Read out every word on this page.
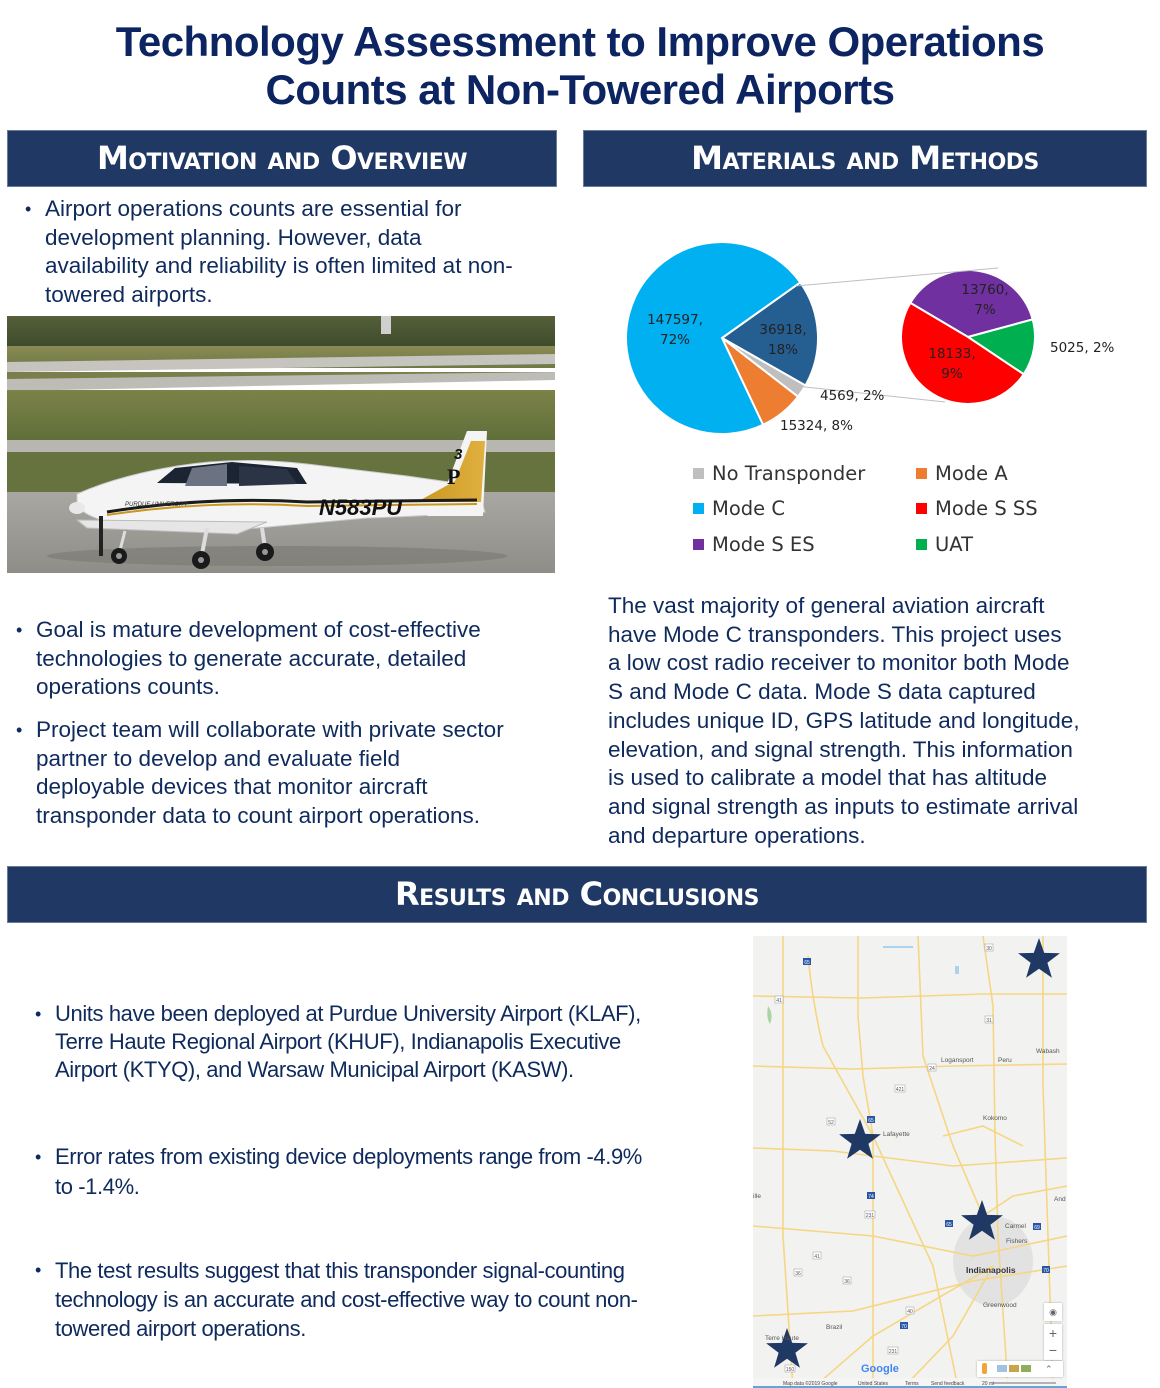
Technology Assessment to Improve Operations
Counts at Non-Towered Airports
Motivation and Overview	Materials and Methods
Results and Conclusions
• Airport operations counts are essential for
development planning. However, data
availability and reliability is often limited at non-
towered airports.
3
P
PURDUE UNIVERSITY	N583PU
• Goal is mature development of cost-effective
technologies to generate accurate, detailed
operations counts.
• Project team will collaborate with private sector
partner to develop and evaluate field
deployable devices that monitor aircraft
transponder data to count airport operations.
147597, 72%
36918, 18%
4569, 2%
15324, 8%
13760, 7%
5025, 2%
18133, 9%
No Transponder	Mode A
Mode C	Mode S SS
Mode S ES	UAT
The vast majority of general aviation aircraft
have Mode C transponders. This project uses
a low cost radio receiver to monitor both Mode
S and Mode C data. Mode S data captured
includes unique ID, GPS latitude and longitude,
elevation, and signal strength. This information
is used to calibrate a model that has altitude
and signal strength as inputs to estimate arrival
and departure operations.
• Units have been deployed at Purdue University Airport (KLAF),
Terre Haute Regional Airport (KHUF), Indianapolis Executive
Airport (KTYQ), and Warsaw Municipal Airport (KASW).
• Error rates from existing device deployments range from -4.9%
to -1.4%.
• The test results suggest that this transponder signal-counting
technology is an accurate and cost-effective way to count non-
towered airport operations.
65
41
30
31
24
421
52	65
74
231
65	69
41
36
36
70
40
70
231
150
Logansport	Peru
Wabash
Kokomo
Lafayette
Carmel
Fishers
Indianapolis
Greenwood
Brazil
Terre Haute
And
ille
Google
Map data ©2019 Google	United States	Terms Send feedback	20 mi
◉
+
−
⌃
